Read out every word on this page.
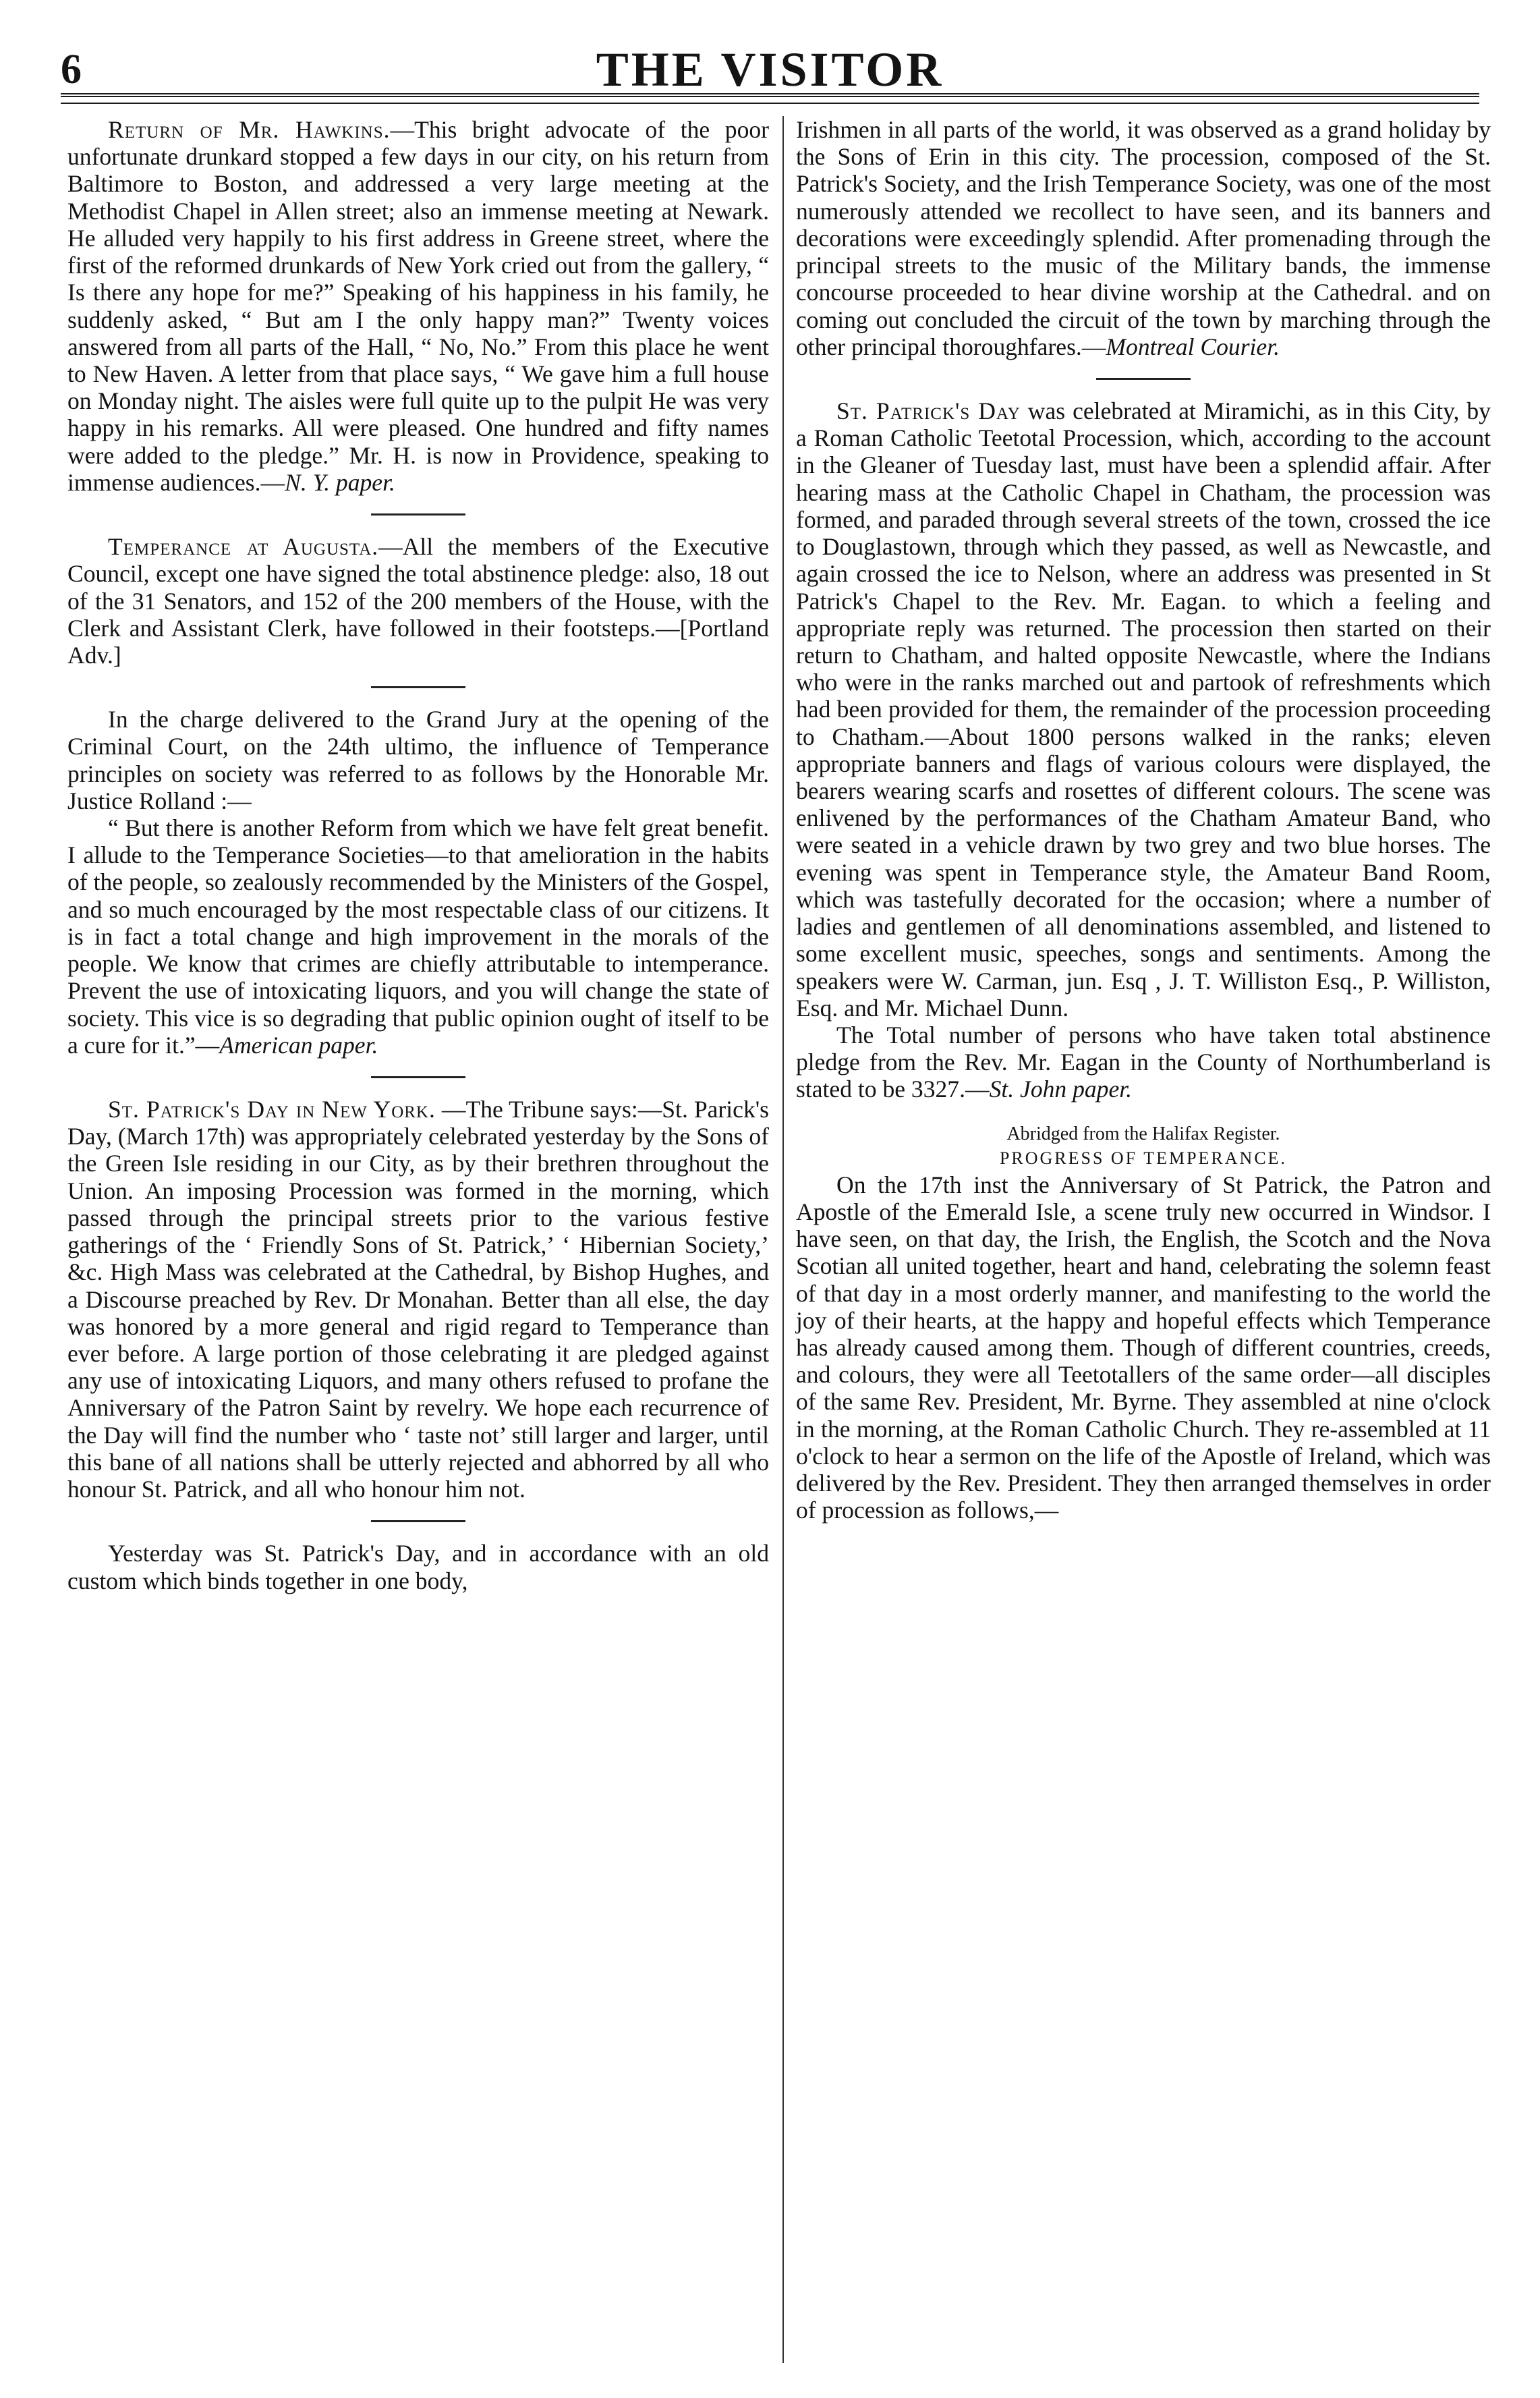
6	THE VISITOR

Return of Mr. Hawkins.—This bright advocate of the poor unfortunate drunkard stopped a few days in our city, on his return from Baltimore to Boston, and addressed a very large meeting at the Methodist Chapel in Allen street; also an immense meeting at Newark. He alluded very happily to his first address in Greene street, where the first of the reformed drunkards of New York cried out from the gallery, “ Is there any hope for me?” Speaking of his happiness in his family, he suddenly asked, “ But am I the only happy man?” Twenty voices answered from all parts of the Hall, “ No, No.” From this place he went to New Haven. A letter from that place says, “ We gave him a full house on Monday night. The aisles were full quite up to the pulpit He was very happy in his remarks. All were pleased. One hundred and fifty names were added to the pledge.” Mr. H. is now in Providence, speaking to immense audiences.—N. Y. paper.

Temperance at Augusta.—All the members of the Executive Council, except one have signed the total abstinence pledge: also, 18 out of the 31 Senators, and 152 of the 200 members of the House, with the Clerk and Assistant Clerk, have followed in their footsteps.—[Portland Adv.]

In the charge delivered to the Grand Jury at the opening of the Criminal Court, on the 24th ultimo, the influence of Temperance principles on society was referred to as follows by the Honorable Mr. Justice Rolland :—

“ But there is another Reform from which we have felt great benefit. I allude to the Temperance Societies—to that amelioration in the habits of the people, so zealously recommended by the Ministers of the Gospel, and so much encouraged by the most respectable class of our citizens. It is in fact a total change and high improvement in the morals of the people. We know that crimes are chiefly attributable to intemperance. Prevent the use of intoxicating liquors, and you will change the state of society. This vice is so degrading that public opinion ought of itself to be a cure for it.”—American paper.

St. Patrick's Day in New York. —The Tribune says:—St. Parick's Day, (March 17th) was appropriately celebrated yesterday by the Sons of the Green Isle residing in our City, as by their brethren throughout the Union. An imposing Procession was formed in the morning, which passed through the principal streets prior to the various festive gatherings of the ‘ Friendly Sons of St. Patrick,’ ‘ Hibernian Society,’ &c. High Mass was celebrated at the Cathedral, by Bishop Hughes, and a Discourse preached by Rev. Dr Monahan. Better than all else, the day was honored by a more general and rigid regard to Temperance than ever before. A large portion of those celebrating it are pledged against any use of intoxicating Liquors, and many others refused to profane the Anniversary of the Patron Saint by revelry. We hope each recurrence of the Day will find the number who ‘ taste not’ still larger and larger, until this bane of all nations shall be utterly rejected and abhorred by all who honour St. Patrick, and all who honour him not.

Yesterday was St. Patrick's Day, and in accordance with an old custom which binds together in one body,

Irishmen in all parts of the world, it was observed as a grand holiday by the Sons of Erin in this city. The procession, composed of the St. Patrick's Society, and the Irish Temperance Society, was one of the most numerously attended we recollect to have seen, and its banners and decorations were exceedingly splendid. After promenading through the principal streets to the music of the Military bands, the immense concourse proceeded to hear divine worship at the Cathedral. and on coming out concluded the circuit of the town by marching through the other principal thoroughfares.—Montreal Courier.

St. Patrick's Day was celebrated at Miramichi, as in this City, by a Roman Catholic Teetotal Procession, which, according to the account in the Gleaner of Tuesday last, must have been a splendid affair. After hearing mass at the Catholic Chapel in Chatham, the procession was formed, and paraded through several streets of the town, crossed the ice to Douglastown, through which they passed, as well as Newcastle, and again crossed the ice to Nelson, where an address was presented in St Patrick's Chapel to the Rev. Mr. Eagan. to which a feeling and appropriate reply was returned. The procession then started on their return to Chatham, and halted opposite Newcastle, where the Indians who were in the ranks marched out and partook of refreshments which had been provided for them, the remainder of the procession proceeding to Chatham.—About 1800 persons walked in the ranks; eleven appropriate banners and flags of various colours were displayed, the bearers wearing scarfs and rosettes of different colours. The scene was enlivened by the performances of the Chatham Amateur Band, who were seated in a vehicle drawn by two grey and two blue horses. The evening was spent in Temperance style, the Amateur Band Room, which was tastefully decorated for the occasion; where a number of ladies and gentlemen of all denominations assembled, and listened to some excellent music, speeches, songs and sentiments. Among the speakers were W. Carman, jun. Esq , J. T. Williston Esq., P. Williston, Esq. and Mr. Michael Dunn.

The Total number of persons who have taken total abstinence pledge from the Rev. Mr. Eagan in the County of Northumberland is stated to be 3327.—St. John paper.

Abridged from the Halifax Register.

PROGRESS OF TEMPERANCE.

On the 17th inst the Anniversary of St Patrick, the Patron and Apostle of the Emerald Isle, a scene truly new occurred in Windsor. I have seen, on that day, the Irish, the English, the Scotch and the Nova Scotian all united together, heart and hand, celebrating the solemn feast of that day in a most orderly manner, and manifesting to the world the joy of their hearts, at the happy and hopeful effects which Temperance has already caused among them. Though of different countries, creeds, and colours, they were all Teetotallers of the same order—all disciples of the same Rev. President, Mr. Byrne. They assembled at nine o'clock in the morning, at the Roman Catholic Church. They re-assembled at 11 o'clock to hear a sermon on the life of the Apostle of Ireland, which was delivered by the Rev. President. They then arranged themselves in order of procession as follows,—
